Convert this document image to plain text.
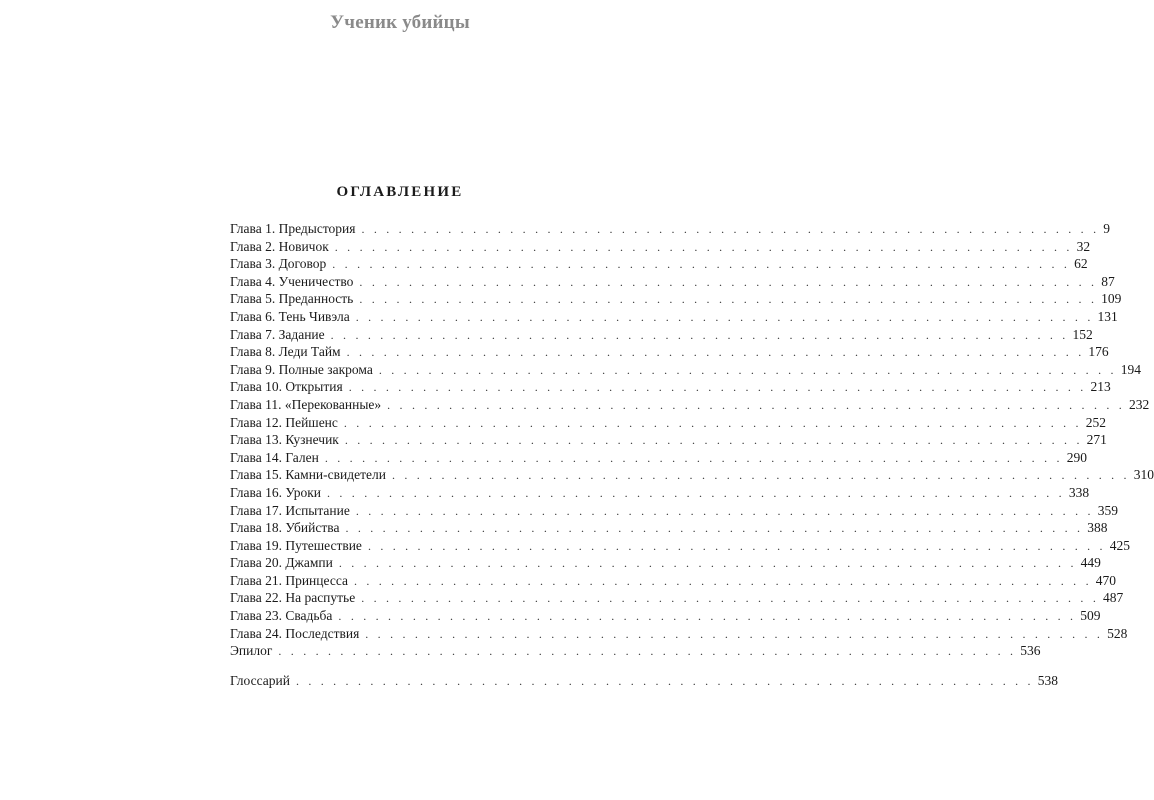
Ученик убийцы
ОГЛАВЛЕНИЕ
Глава 1. Предыстория . . . . . . . . . . . . . . . . . . . . . . . . . . . . . . . . . . . . . . . . . . . . . . . . . . . . . . . . . . . . 9
Глава 2. Новичок . . . . . . . . . . . . . . . . . . . . . . . . . . . . . . . . . . . . . . . . . . . . . . . . . . . . . . . . . . . . 32
Глава 3. Договор . . . . . . . . . . . . . . . . . . . . . . . . . . . . . . . . . . . . . . . . . . . . . . . . . . . . . . . . . . . . 62
Глава 4. Ученичество . . . . . . . . . . . . . . . . . . . . . . . . . . . . . . . . . . . . . . . . . . . . . . . . . . . . . . . . . . . . 87
Глава 5. Преданность . . . . . . . . . . . . . . . . . . . . . . . . . . . . . . . . . . . . . . . . . . . . . . . . . . . . . . . . . . . . 109
Глава 6. Тень Чивэла . . . . . . . . . . . . . . . . . . . . . . . . . . . . . . . . . . . . . . . . . . . . . . . . . . . . . . . . . . . . 131
Глава 7. Задание . . . . . . . . . . . . . . . . . . . . . . . . . . . . . . . . . . . . . . . . . . . . . . . . . . . . . . . . . . . . 152
Глава 8. Леди Тайм . . . . . . . . . . . . . . . . . . . . . . . . . . . . . . . . . . . . . . . . . . . . . . . . . . . . . . . . . . . . 176
Глава 9. Полные закрома . . . . . . . . . . . . . . . . . . . . . . . . . . . . . . . . . . . . . . . . . . . . . . . . . . . . . . . . . . . . 194
Глава 10. Открытия . . . . . . . . . . . . . . . . . . . . . . . . . . . . . . . . . . . . . . . . . . . . . . . . . . . . . . . . . . . . 213
Глава 11. «Перекованные» . . . . . . . . . . . . . . . . . . . . . . . . . . . . . . . . . . . . . . . . . . . . . . . . . . . . . . . . . . . . 232
Глава 12. Пейшенс . . . . . . . . . . . . . . . . . . . . . . . . . . . . . . . . . . . . . . . . . . . . . . . . . . . . . . . . . . . . 252
Глава 13. Кузнечик . . . . . . . . . . . . . . . . . . . . . . . . . . . . . . . . . . . . . . . . . . . . . . . . . . . . . . . . . . . . 271
Глава 14. Гален . . . . . . . . . . . . . . . . . . . . . . . . . . . . . . . . . . . . . . . . . . . . . . . . . . . . . . . . . . . . 290
Глава 15. Камни-свидетели . . . . . . . . . . . . . . . . . . . . . . . . . . . . . . . . . . . . . . . . . . . . . . . . . . . . . . . . . . . . 310
Глава 16. Уроки . . . . . . . . . . . . . . . . . . . . . . . . . . . . . . . . . . . . . . . . . . . . . . . . . . . . . . . . . . . . 338
Глава 17. Испытание . . . . . . . . . . . . . . . . . . . . . . . . . . . . . . . . . . . . . . . . . . . . . . . . . . . . . . . . . . . . 359
Глава 18. Убийства . . . . . . . . . . . . . . . . . . . . . . . . . . . . . . . . . . . . . . . . . . . . . . . . . . . . . . . . . . . . 388
Глава 19. Путешествие . . . . . . . . . . . . . . . . . . . . . . . . . . . . . . . . . . . . . . . . . . . . . . . . . . . . . . . . . . . . 425
Глава 20. Джампи . . . . . . . . . . . . . . . . . . . . . . . . . . . . . . . . . . . . . . . . . . . . . . . . . . . . . . . . . . . . 449
Глава 21. Принцесса . . . . . . . . . . . . . . . . . . . . . . . . . . . . . . . . . . . . . . . . . . . . . . . . . . . . . . . . . . . . 470
Глава 22. На распутье . . . . . . . . . . . . . . . . . . . . . . . . . . . . . . . . . . . . . . . . . . . . . . . . . . . . . . . . . . . . 487
Глава 23. Свадьба . . . . . . . . . . . . . . . . . . . . . . . . . . . . . . . . . . . . . . . . . . . . . . . . . . . . . . . . . . . . 509
Глава 24. Последствия . . . . . . . . . . . . . . . . . . . . . . . . . . . . . . . . . . . . . . . . . . . . . . . . . . . . . . . . . . . . 528
Эпилог . . . . . . . . . . . . . . . . . . . . . . . . . . . . . . . . . . . . . . . . . . . . . . . . . . . . . . . . . . . . 536
Глоссарий . . . . . . . . . . . . . . . . . . . . . . . . . . . . . . . . . . . . . . . . . . . . . . . . . . . . . . . . . . . . 538
